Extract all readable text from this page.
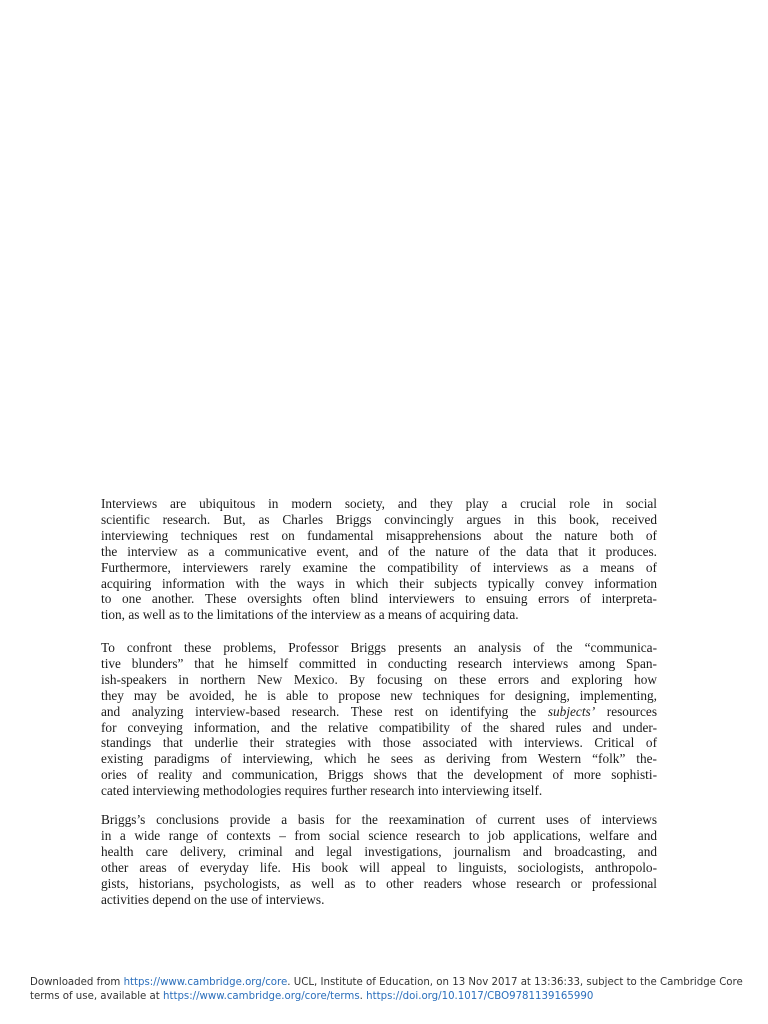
Interviews are ubiquitous in modern society, and they play a crucial role in social
scientific research. But, as Charles Briggs convincingly argues in this book, received
interviewing techniques rest on fundamental misapprehensions about the nature both of
the interview as a communicative event, and of the nature of the data that it produces.
Furthermore, interviewers rarely examine the compatibility of interviews as a means of
acquiring information with the ways in which their subjects typically convey information
to one another. These oversights often blind interviewers to ensuing errors of interpreta-
tion, as well as to the limitations of the interview as a means of acquiring data.
To confront these problems, Professor Briggs presents an analysis of the “communica-
tive blunders” that he himself committed in conducting research interviews among Span-
ish-speakers in northern New Mexico. By focusing on these errors and exploring how
they may be avoided, he is able to propose new techniques for designing, implementing,
and analyzing interview-based research. These rest on identifying the subjects’ resources
for conveying information, and the relative compatibility of the shared rules and under-
standings that underlie their strategies with those associated with interviews. Critical of
existing paradigms of interviewing, which he sees as deriving from Western “folk” the-
ories of reality and communication, Briggs shows that the development of more sophisti-
cated interviewing methodologies requires further research into interviewing itself.
Briggs’s conclusions provide a basis for the reexamination of current uses of interviews
in a wide range of contexts – from social science research to job applications, welfare and
health care delivery, criminal and legal investigations, journalism and broadcasting, and
other areas of everyday life. His book will appeal to linguists, sociologists, anthropolo-
gists, historians, psychologists, as well as to other readers whose research or professional
activities depend on the use of interviews.
Downloaded from https://www.cambridge.org/core. UCL, Institute of Education, on 13 Nov 2017 at 13:36:33, subject to the Cambridge Core
terms of use, available at https://www.cambridge.org/core/terms. https://doi.org/10.1017/CBO9781139165990
